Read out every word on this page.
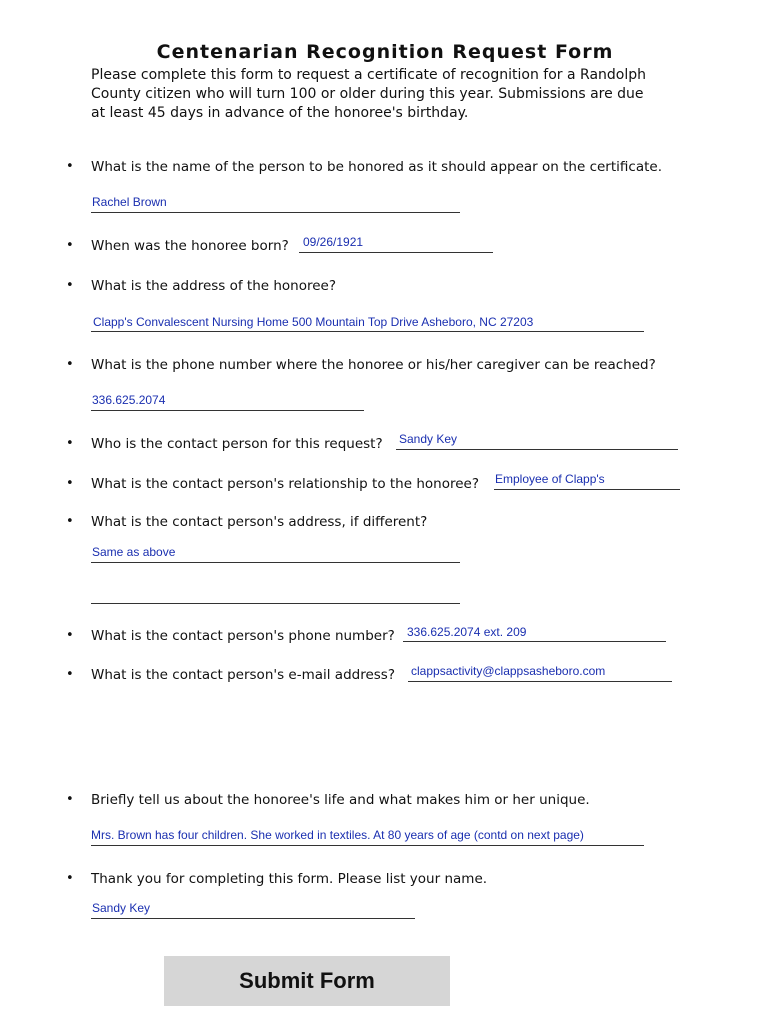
Centenarian Recognition Request Form
Please complete this form to request a certificate of recognition for a Randolph
County citizen who will turn 100 or older during this year. Submissions are due
at least 45 days in advance of the honoree's birthday.
• What is the name of the person to be honored as it should appear on the certificate.
Rachel Brown
• When was the honoree born? 09/26/1921
• What is the address of the honoree?
Clapp's Convalescent Nursing Home 500 Mountain Top Drive Asheboro, NC 27203
• What is the phone number where the honoree or his/her caregiver can be reached?
336.625.2074
• Who is the contact person for this request? Sandy Key
• What is the contact person's relationship to the honoree? Employee of Clapp's
• What is the contact person's address, if different?
Same as above
• What is the contact person's phone number? 336.625.2074 ext. 209
• What is the contact person's e-mail address? clappsactivity@clappsasheboro.com
• Briefly tell us about the honoree's life and what makes him or her unique.
Mrs. Brown has four children. She worked in textiles. At 80 years of age (contd on next page)
• Thank you for completing this form. Please list your name.
Sandy Key
Submit Form
